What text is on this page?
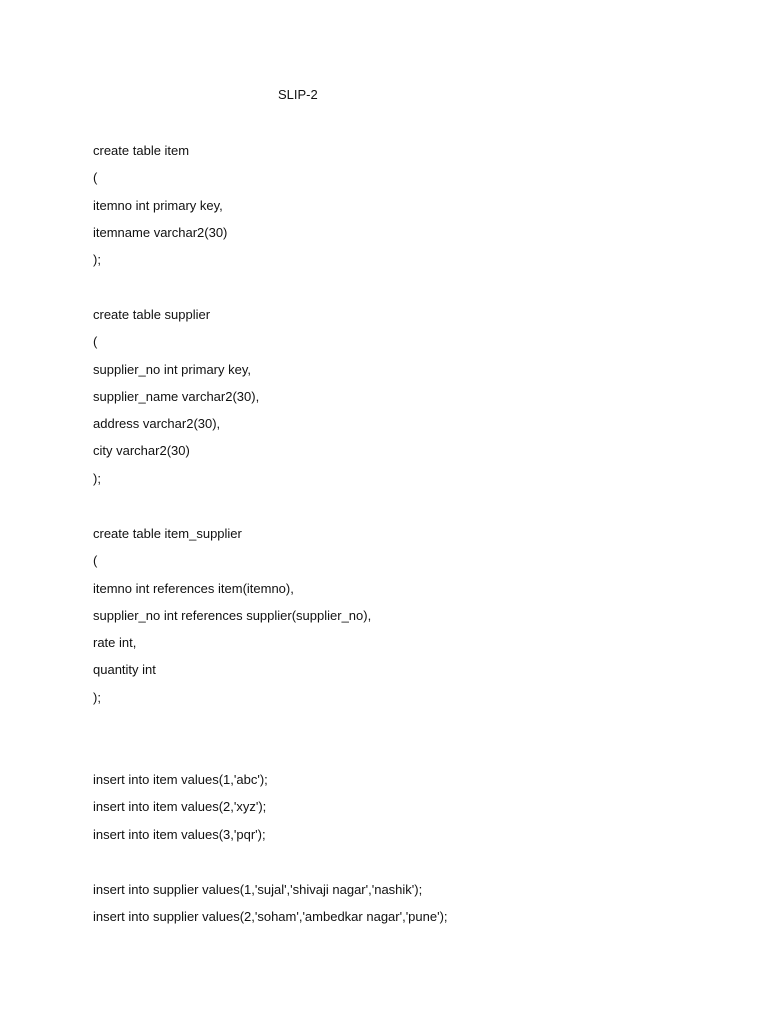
SLIP-2
create table item
(
itemno int primary key,
itemname varchar2(30)
);
create table supplier
(
supplier_no int primary key,
supplier_name varchar2(30),
address varchar2(30),
city varchar2(30)
);
create table item_supplier
(
itemno int references item(itemno),
supplier_no int references supplier(supplier_no),
rate int,
quantity int
);
insert into item values(1,'abc');
insert into item values(2,'xyz');
insert into item values(3,'pqr');
insert into supplier values(1,'sujal','shivaji nagar','nashik');
insert into supplier values(2,'soham','ambedkar nagar','pune');
